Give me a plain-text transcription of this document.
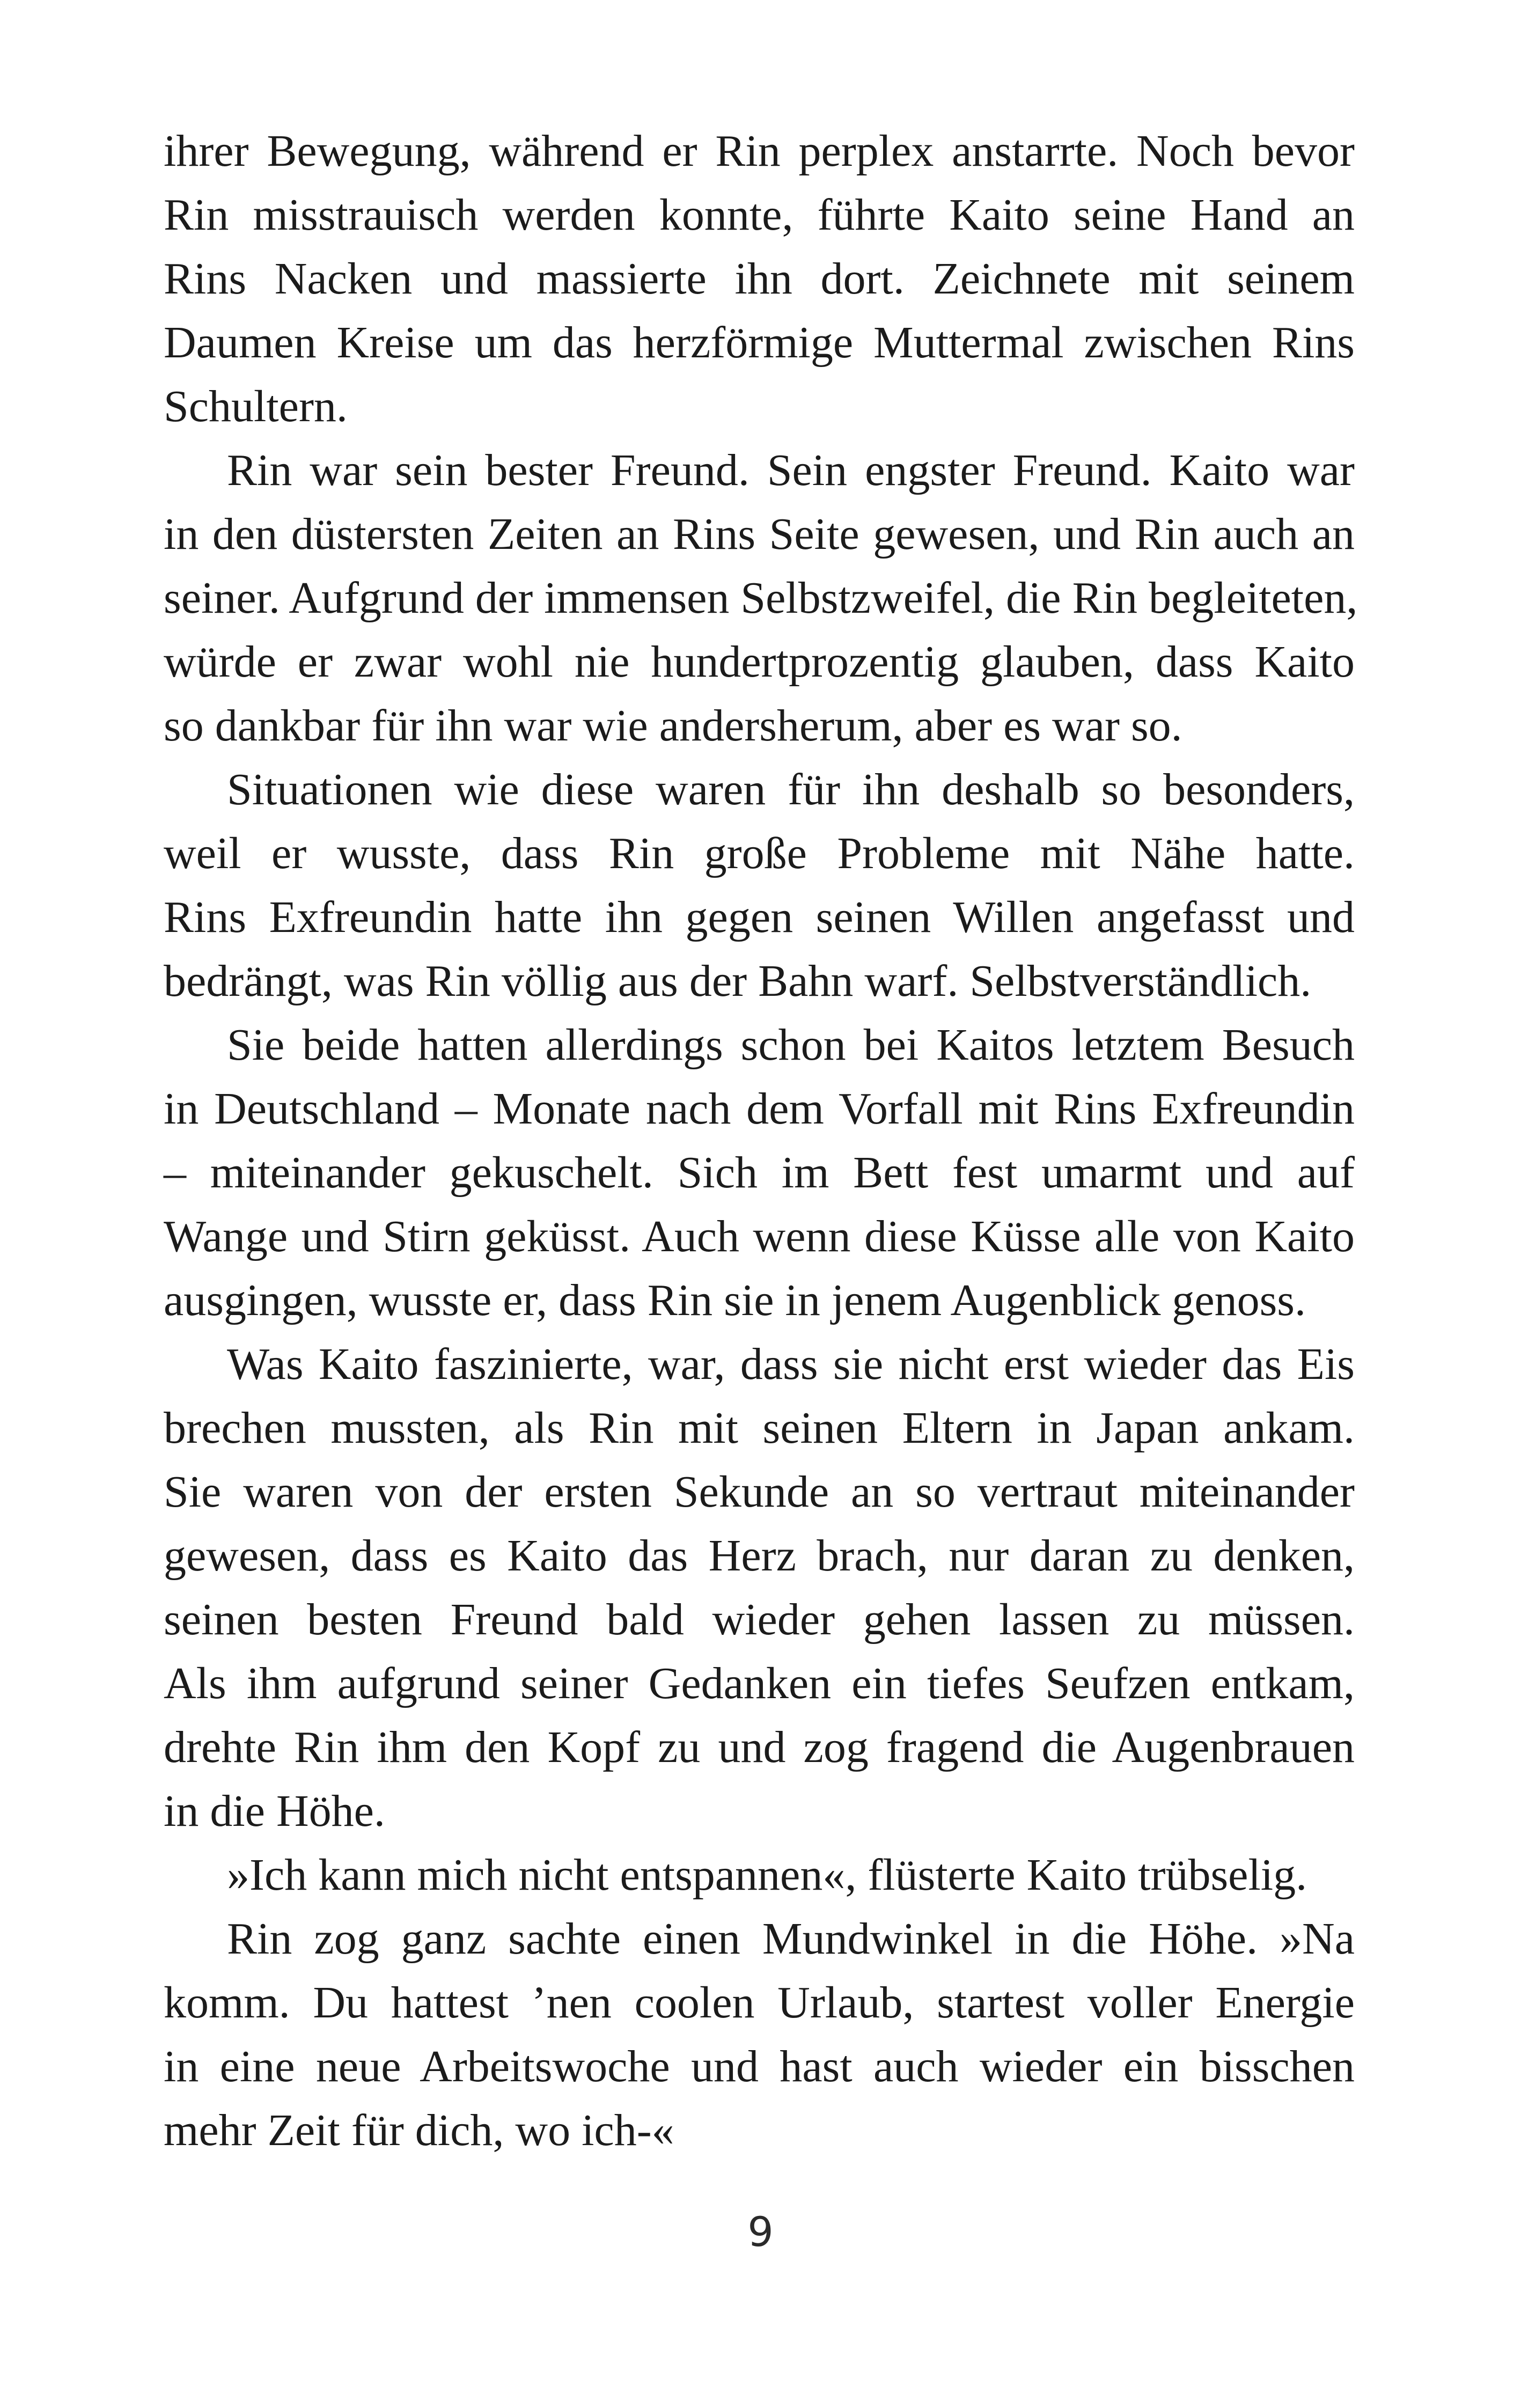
ihrer Bewegung, während er Rin perplex anstarrte. Noch bevor
Rin misstrauisch werden konnte, führte Kaito seine Hand an
Rins Nacken und massierte ihn dort. Zeichnete mit seinem
Daumen Kreise um das herzförmige Muttermal zwischen Rins
Schultern.
Rin war sein bester Freund. Sein engster Freund. Kaito war
in den düstersten Zeiten an Rins Seite gewesen, und Rin auch an
seiner. Aufgrund der immensen Selbstzweifel, die Rin begleiteten,
würde er zwar wohl nie hundertprozentig glauben, dass Kaito
so dankbar für ihn war wie andersherum, aber es war so.
Situationen wie diese waren für ihn deshalb so besonders,
weil er wusste, dass Rin große Probleme mit Nähe hatte.
Rins Exfreundin hatte ihn gegen seinen Willen angefasst und
bedrängt, was Rin völlig aus der Bahn warf. Selbstverständlich.
Sie beide hatten allerdings schon bei Kaitos letztem Besuch
in Deutschland – Monate nach dem Vorfall mit Rins Exfreundin
– miteinander gekuschelt. Sich im Bett fest umarmt und auf
Wange und Stirn geküsst. Auch wenn diese Küsse alle von Kaito
ausgingen, wusste er, dass Rin sie in jenem Augenblick genoss.
Was Kaito faszinierte, war, dass sie nicht erst wieder das Eis
brechen mussten, als Rin mit seinen Eltern in Japan ankam.
Sie waren von der ersten Sekunde an so vertraut miteinander
gewesen, dass es Kaito das Herz brach, nur daran zu denken,
seinen besten Freund bald wieder gehen lassen zu müssen.
Als ihm aufgrund seiner Gedanken ein tiefes Seufzen entkam,
drehte Rin ihm den Kopf zu und zog fragend die Augenbrauen
in die Höhe.
»Ich kann mich nicht entspannen«, flüsterte Kaito trübselig.
Rin zog ganz sachte einen Mundwinkel in die Höhe. »Na
komm. Du hattest ’nen coolen Urlaub, startest voller Energie
in eine neue Arbeitswoche und hast auch wieder ein bisschen
mehr Zeit für dich, wo ich-«
9
